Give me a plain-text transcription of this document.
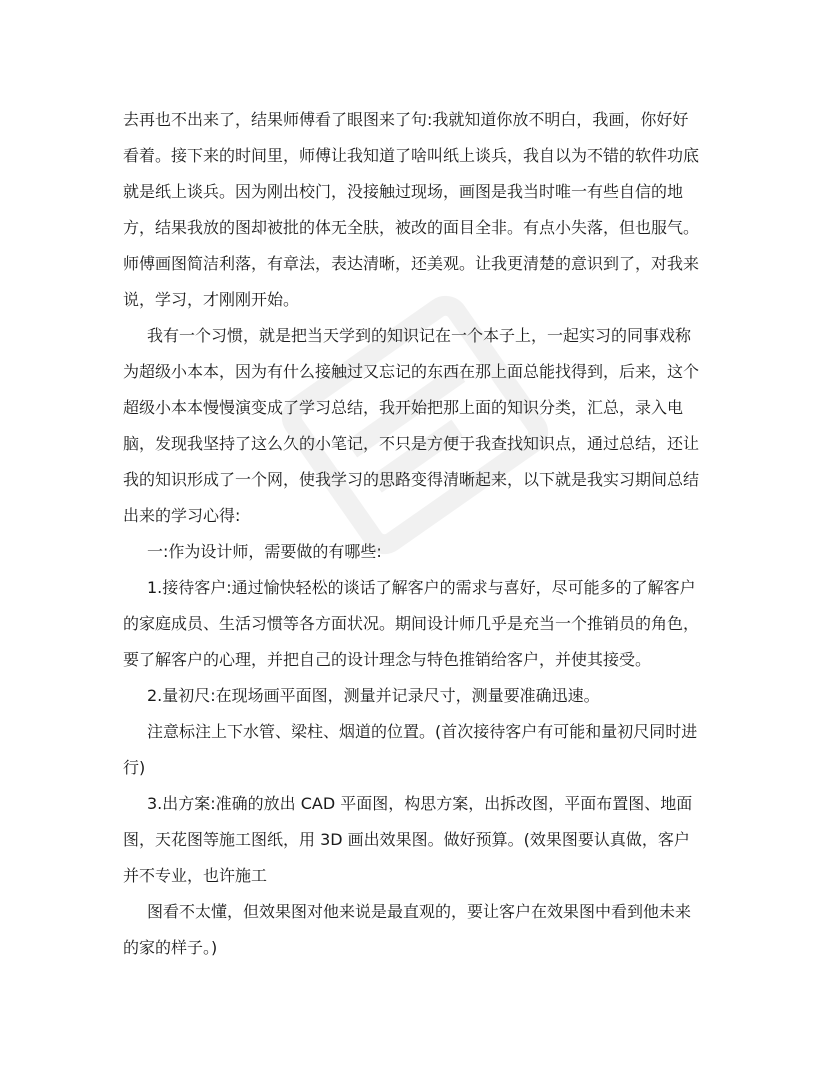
去再也不出来了，结果师傅看了眼图来了句:我就知道你放不明白，我画，你好好
看着。接下来的时间里，师傅让我知道了啥叫纸上谈兵，我自以为不错的软件功底
就是纸上谈兵。因为刚出校门，没接触过现场，画图是我当时唯一有些自信的地
方，结果我放的图却被批的体无全肤，被改的面目全非。有点小失落，但也服气。
师傅画图简洁利落，有章法，表达清晰，还美观。让我更清楚的意识到了，对我来
说，学习，才刚刚开始。
我有一个习惯，就是把当天学到的知识记在一个本子上，一起实习的同事戏称
为超级小本本，因为有什么接触过又忘记的东西在那上面总能找得到，后来，这个
超级小本本慢慢演变成了学习总结，我开始把那上面的知识分类，汇总，录入电
脑，发现我坚持了这么久的小笔记，不只是方便于我查找知识点，通过总结，还让
我的知识形成了一个网，使我学习的思路变得清晰起来，以下就是我实习期间总结
出来的学习心得:
一:作为设计师，需要做的有哪些:
1.接待客户:通过愉快轻松的谈话了解客户的需求与喜好，尽可能多的了解客户
的家庭成员、生活习惯等各方面状况。期间设计师几乎是充当一个推销员的角色，
要了解客户的心理，并把自己的设计理念与特色推销给客户，并使其接受。
2.量初尺:在现场画平面图，测量并记录尺寸，测量要准确迅速。
注意标注上下水管、梁柱、烟道的位置。(首次接待客户有可能和量初尺同时进
行)
3.出方案:准确的放出 CAD 平面图，构思方案，出拆改图，平面布置图、地面
图，天花图等施工图纸，用 3D 画出效果图。做好预算。(效果图要认真做，客户
并不专业，也许施工
图看不太懂，但效果图对他来说是最直观的，要让客户在效果图中看到他未来
的家的样子。)
